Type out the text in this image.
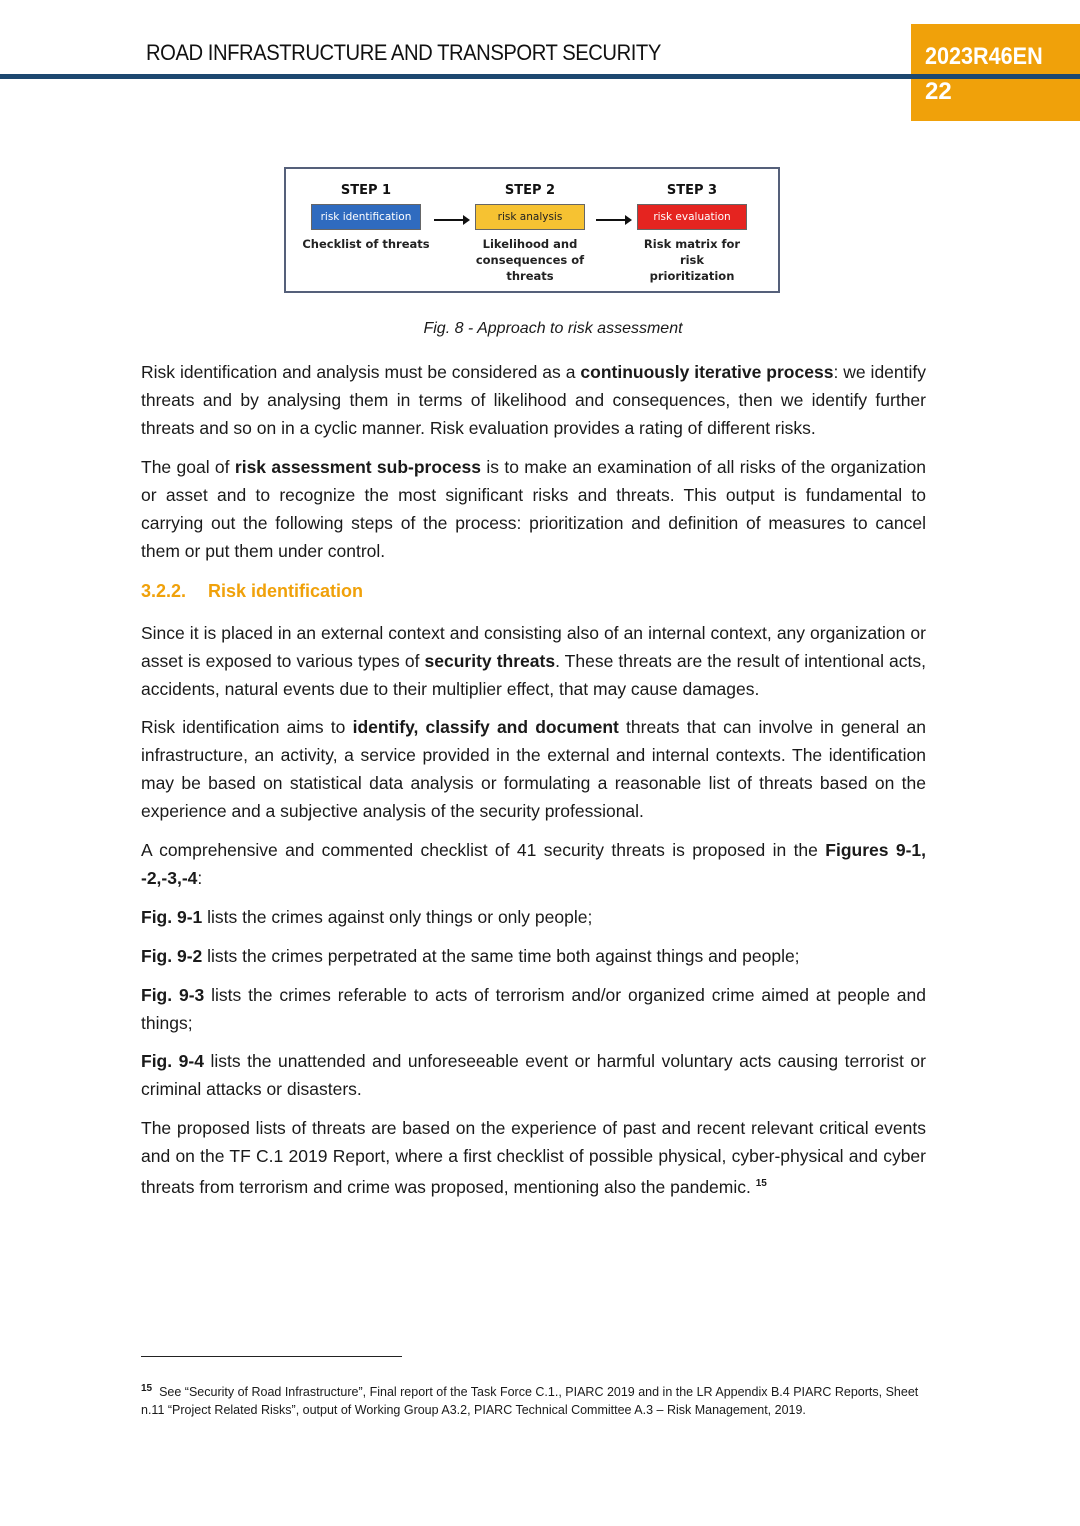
ROAD INFRASTRUCTURE AND TRANSPORT SECURITY	2023R46EN
22
STEP 1
risk identification
Checklist of threats
STEP 2
risk analysis
Likelihood and consequences of threats
STEP 3
risk evaluation
Risk matrix for risk prioritization
Fig. 8 - Approach to risk assessment
Risk identification and analysis must be considered as a continuously iterative process: we identify threats and by analysing them in terms of likelihood and consequences, then we identify further threats and so on in a cyclic manner. Risk evaluation provides a rating of different risks.
The goal of risk assessment sub-process is to make an examination of all risks of the organization or asset and to recognize the most significant risks and threats. This output is fundamental to carrying out the following steps of the process: prioritization and definition of measures to cancel them or put them under control.
3.2.2. Risk identification
Since it is placed in an external context and consisting also of an internal context, any organization or asset is exposed to various types of security threats. These threats are the result of intentional acts, accidents, natural events due to their multiplier effect, that may cause damages.
Risk identification aims to identify, classify and document threats that can involve in general an infrastructure, an activity, a service provided in the external and internal contexts. The identification may be based on statistical data analysis or formulating a reasonable list of threats based on the experience and a subjective analysis of the security professional.
A comprehensive and commented checklist of 41 security threats is proposed in the Figures 9-1, -2,-3,-4:
Fig. 9-1 lists the crimes against only things or only people;
Fig. 9-2 lists the crimes perpetrated at the same time both against things and people;
Fig. 9-3 lists the crimes referable to acts of terrorism and/or organized crime aimed at people and things;
Fig. 9-4 lists the unattended and unforeseeable event or harmful voluntary acts causing terrorist or criminal attacks or disasters.
The proposed lists of threats are based on the experience of past and recent relevant critical events and on the TF C.1 2019 Report, where a first checklist of possible physical, cyber-physical and cyber threats from terrorism and crime was proposed, mentioning also the pandemic. $^{15}$
$^{15}$ See “Security of Road Infrastructure”, Final report of the Task Force C.1., PIARC 2019 and in the LR Appendix B.4 PIARC Reports, Sheet n.11 “Project Related Risks”, output of Working Group A3.2, PIARC Technical Committee A.3 – Risk Management, 2019.
